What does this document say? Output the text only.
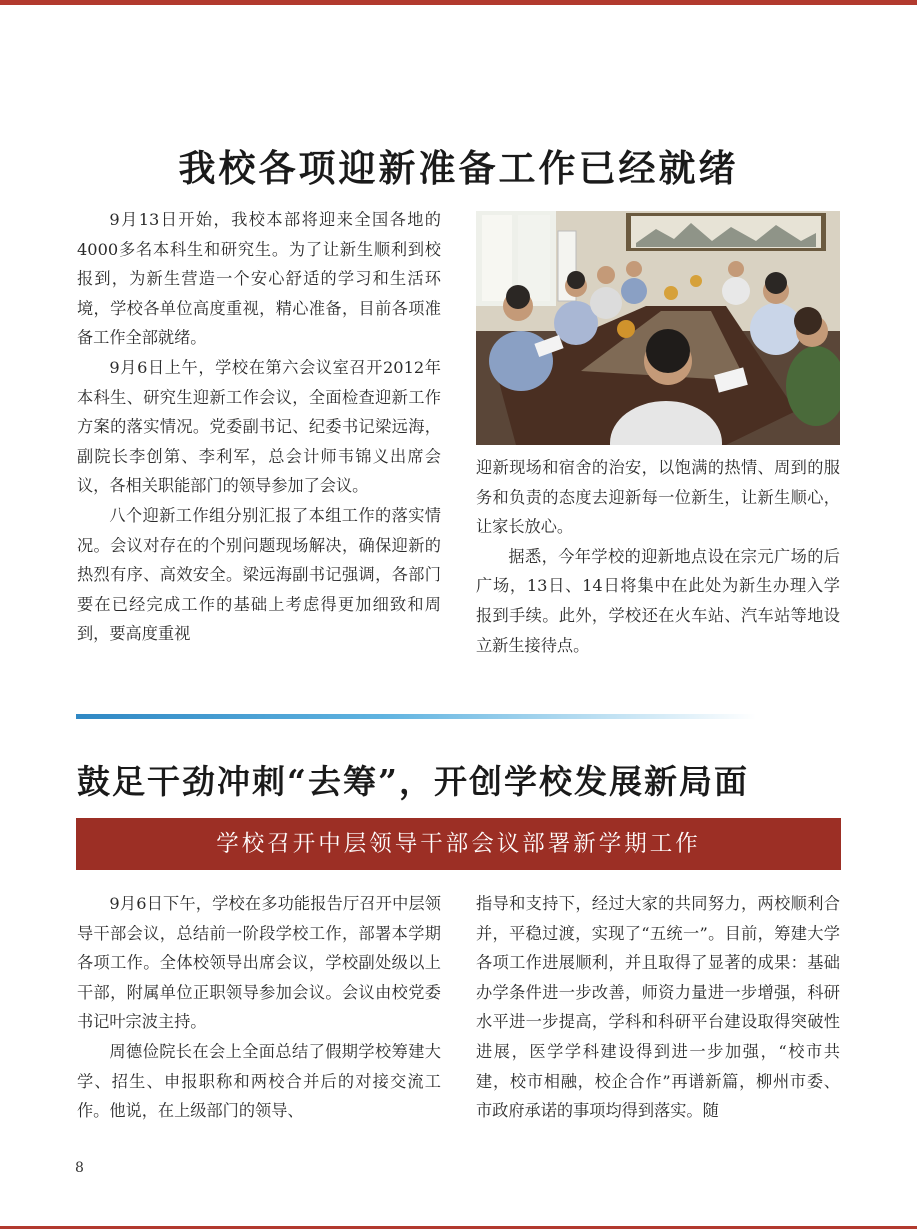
我校各项迎新准备工作已经就绪

9月13日开始，我校本部将迎来全国各地的4000多名本科生和研究生。为了让新生顺利到校报到，为新生营造一个安心舒适的学习和生活环境，学校各单位高度重视，精心准备，目前各项准备工作全部就绪。

9月6日上午，学校在第六会议室召开2012年本科生、研究生迎新工作会议，全面检查迎新工作方案的落实情况。党委副书记、纪委书记梁远海，副院长李创第、李利军，总会计师韦锦义出席会议，各相关职能部门的领导参加了会议。

八个迎新工作组分别汇报了本组工作的落实情况。会议对存在的个别问题现场解决，确保迎新的热烈有序、高效安全。梁远海副书记强调，各部门要在已经完成工作的基础上考虑得更加细致和周到，要高度重视

迎新现场和宿舍的治安，以饱满的热情、周到的服务和负责的态度去迎新每一位新生，让新生顺心，让家长放心。

据悉，今年学校的迎新地点设在宗元广场的后广场，13日、14日将集中在此处为新生办理入学报到手续。此外，学校还在火车站、汽车站等地设立新生接待点。

鼓足干劲冲刺“去筹”，开创学校发展新局面
学校召开中层领导干部会议部署新学期工作

9月6日下午，学校在多功能报告厅召开中层领导干部会议，总结前一阶段学校工作，部署本学期各项工作。全体校领导出席会议，学校副处级以上干部，附属单位正职领导参加会议。会议由校党委书记叶宗波主持。

周德俭院长在会上全面总结了假期学校筹建大学、招生、申报职称和两校合并后的对接交流工作。他说，在上级部门的领导、

指导和支持下，经过大家的共同努力，两校顺利合并，平稳过渡，实现了“五统一”。目前，筹建大学各项工作进展顺利，并且取得了显著的成果：基础办学条件进一步改善，师资力量进一步增强，科研水平进一步提高，学科和科研平台建设取得突破性进展，医学学科建设得到进一步加强，“校市共建，校市相融，校企合作”再谱新篇，柳州市委、市政府承诺的事项均得到落实。随

8
